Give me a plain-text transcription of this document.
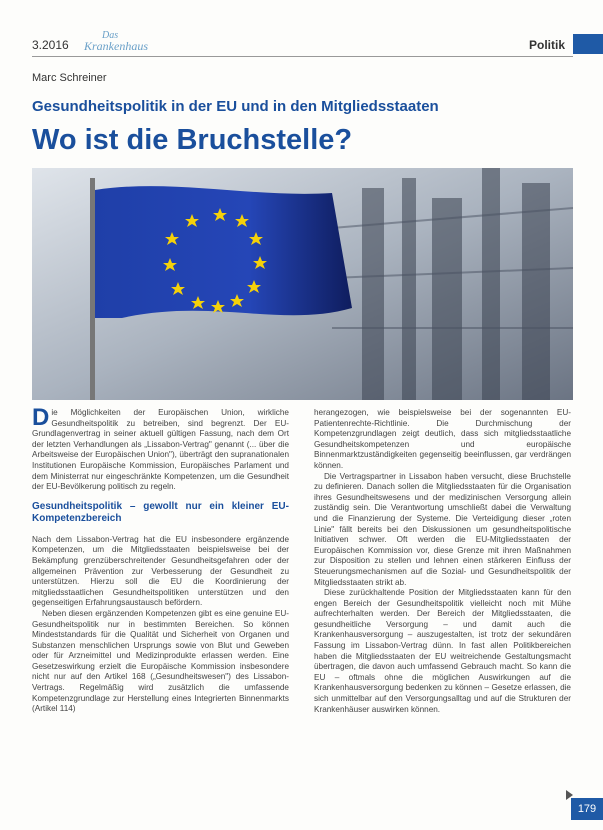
3.2016
Das
Krankenhaus	Politik
Marc Schreiner
Gesundheitspolitik in der EU und in den Mitgliedsstaaten
Wo ist die Bruchstelle?

Die Möglichkeiten der Europäischen Union, wirkliche Gesundheitspolitik zu betreiben, sind begrenzt. Der EU-Grundlagenvertrag in seiner aktuell gültigen Fassung, nach dem Ort der letzten Verhandlungen als „Lissabon-Vertrag" genannt (... über die Arbeitsweise der Europäischen Union"), überträgt den supranationalen Institutionen Europäische Kommission, Europäisches Parlament und dem Ministerrat nur eingeschränkte Kompetenzen, um die Gesundheit der EU-Bevölkerung politisch zu regeln.

Gesundheitspolitik – gewollt nur ein kleiner EU-Kompetenzbereich

Nach dem Lissabon-Vertrag hat die EU insbesondere ergänzende Kompetenzen, um die Mitgliedsstaaten beispielsweise bei der Bekämpfung grenzüberschreitender Gesundheitsgefahren oder der allgemeinen Prävention zur Verbesserung der Gesundheit zu unterstützen. Hierzu soll die EU die Koordinierung der mitgliedsstaatlichen Gesundheitspolitiken unterstützen und den gegenseitigen Erfahrungsaustausch befördern.

Neben diesen ergänzenden Kompetenzen gibt es eine genuine EU-Gesundheitspolitik nur in bestimmten Bereichen. So können Mindeststandards für die Qualität und Sicherheit von Organen und Substanzen menschlichen Ursprungs sowie von Blut und Geweben oder für Arzneimittel und Medizinprodukte erlassen werden. Eine Gesetzeswirkung erzielt die Europäische Kommission insbesondere nicht nur auf den Artikel 168 („Gesundheitswesen") des Lissabon-Vertrags. Regelmäßig wird zusätzlich die umfassende Kompetenzgrundlage zur Herstellung eines Integrierten Binnenmarkts (Artikel 114)

herangezogen, wie beispielsweise bei der sogenannten EU-Patientenrechte-Richtlinie. Die Durchmischung der Kompetenzgrundlagen zeigt deutlich, dass sich mitgliedsstaatliche Gesundheitskompetenzen und europäische Binnenmarktzuständigkeiten gegenseitig beeinflussen, gar verdrängen können.

Die Vertragspartner in Lissabon haben versucht, diese Bruchstelle zu definieren. Danach sollen die Mitgliedsstaaten für die Organisation ihres Gesundheitswesens und der medizinischen Versorgung allein zuständig sein. Die Verantwortung umschließt dabei die Verwaltung und die Finanzierung der Systeme. Die Verteidigung dieser „roten Linie" fällt bereits bei den Diskussionen um gesundheitspolitische Initiativen schwer. Oft werden die EU-Mitgliedsstaaten der Europäischen Kommission vor, diese Grenze mit ihren Maßnahmen zur Disposition zu stellen und lehnen einen stärkeren Einfluss der Steuerungsmechanismen auf die Sozial- und Gesundheitspolitik der Mitgliedsstaaten strikt ab.

Diese zurückhaltende Position der Mitgliedsstaaten kann für den engen Bereich der Gesundheitspolitik vielleicht noch mit Mühe aufrechterhalten werden. Der Bereich der Mitgliedsstaaten, die gesundheitliche Versorgung – und damit auch die Krankenhausversorgung – auszugestalten, ist trotz der sekundären Fassung im Lissabon-Vertrag dünn. In fast allen Politikbereichen haben die Mitgliedsstaaten der EU weitreichende Gestaltungsmacht übertragen, die davon auch umfassend Gebrauch macht. So kann die EU – oftmals ohne die möglichen Auswirkungen auf die Krankenhausversorgung bedenken zu können – Gesetze erlassen, die sich unmittelbar auf den Versorgungsalltag und auf die Strukturen der Krankenhäuser auswirken können.

179
